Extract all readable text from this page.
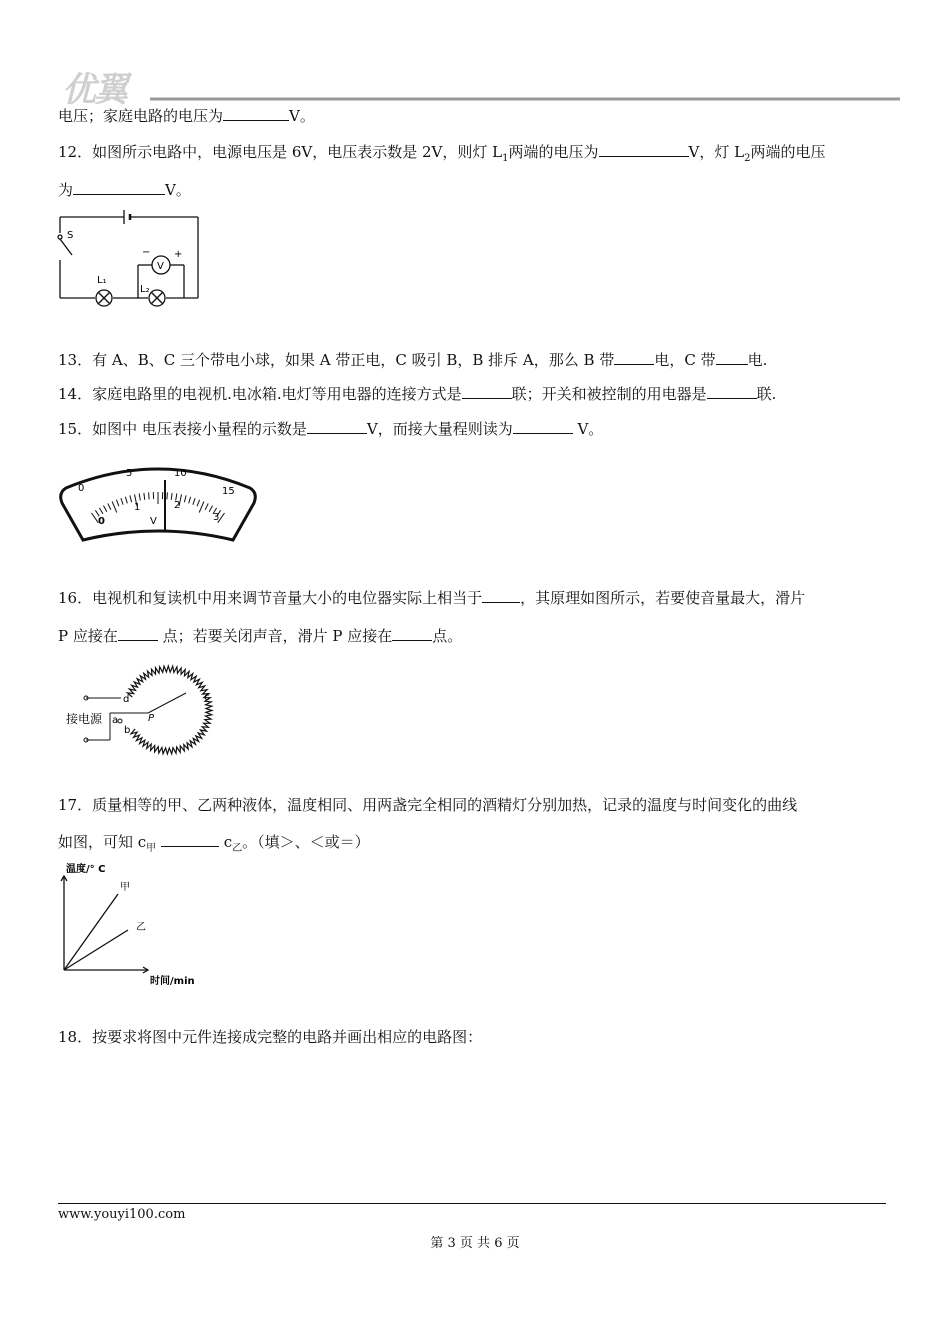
优翼
电压；家庭电路的电压为	V。
12．如图所示电路中，电源电压是 6V，电压表示数是 2V，则灯 $L_1$两端的电压为	V，灯 $L_2$两端的电压
为	V。
S
L₁
L₂
V
− +
13．有 A、B、C 三个带电小球，如果 A 带正电，C 吸引 B，B 排斥 A，那么 B 带	电，C 带 电.
14．家庭电路里的电视机.电冰箱.电灯等用电器的连接方式是	联；开关和被控制的用电器是	联.
15．如图中 电压表接小量程的示数是	V，而接大量程则读为	V。
0
5	10
15
0
1	2
3
V
16．电视机和复读机中用来调节音量大小的电位器实际上相当于	，其原理如图所示，若要使音量最大，滑片
P 应接在	点；若要关闭声音，滑片 P 应接在	点。
接电源
d
a
b
c
P
17．质量相等的甲、乙两种液体，温度相同、用两盏完全相同的酒精灯分别加热，记录的温度与时间变化的曲线
如图，可知 $c_甲$	$c_乙$。（填＞、＜或＝）
温度/° C
时间/min
甲
乙
18．按要求将图中元件连接成完整的电路并画出相应的电路图：
www.youyi100.com
第 3 页 共 6 页
